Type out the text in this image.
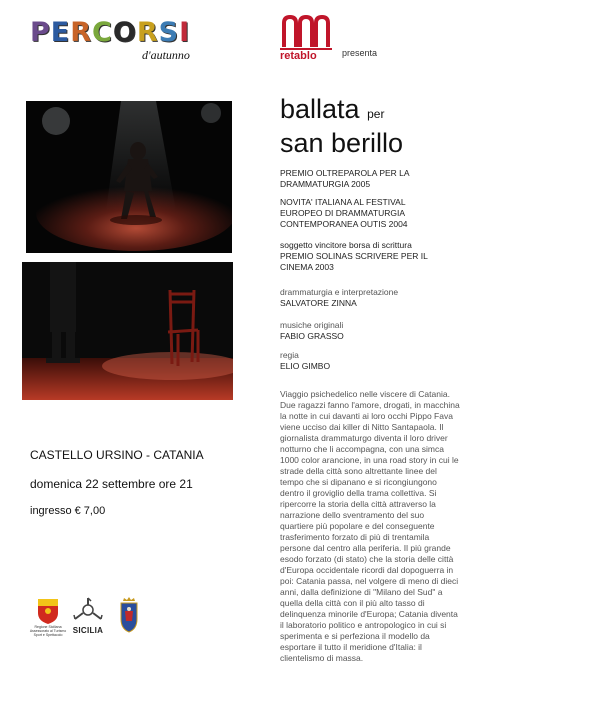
P E R C O R S I
d'autunno	retablo	presenta
CASTELLO URSINO - CATANIA
domenica 22 settembre ore 21
ingresso € 7,00
ballata per
san berillo
PREMIO OLTREPAROLA PER LA DRAMMATURGIA 2005
NOVITA' ITALIANA AL FESTIVAL EUROPEO DI DRAMMATURGIA CONTEMPORANEA OUTIS 2004
soggetto vincitore borsa di scrittura
PREMIO SOLINAS SCRIVERE PER IL CINEMA 2003
drammaturgia e interpretazione
SALVATORE ZINNA
musiche originali
FABIO GRASSO
regia
ELIO GIMBO

Viaggio psichedelico nelle viscere di Catania. Due ragazzi fanno l'amore, drogati, in macchina la notte in cui davanti ai loro occhi Pippo Fava viene ucciso dai killer di Nitto Santapaola. Il giornalista drammaturgo diventa il loro driver notturno che li accompagna, con una simca 1000 color arancione, in una road story in cui le strade della città sono altrettante linee del tempo che si dipanano e si ricongiungono dentro il groviglio della trama collettiva. Si ripercorre la storia della città attraverso la narrazione dello sventramento del suo quartiere più popolare e del conseguente trasferimento forzato di più di trentamila persone dal centro alla periferia. Il più grande esodo forzato (di stato) che la storia delle città d'Europa occidentale ricordi dal dopoguerra in poi: Catania passa, nel volgere di meno di dieci anni, dalla definizione di "Milano del Sud" a quella della città con il più alto tasso di delinquenza minorile d'Europa; Catania diventa il laboratorio politico e antropologico in cui si sperimenta e si perfeziona il modello da esportare il tutto il meridione d'Italia: il clientelismo di massa.

Regione Siciliana Assessorato al Turismo Sport e Spettacolo	SICILIA
